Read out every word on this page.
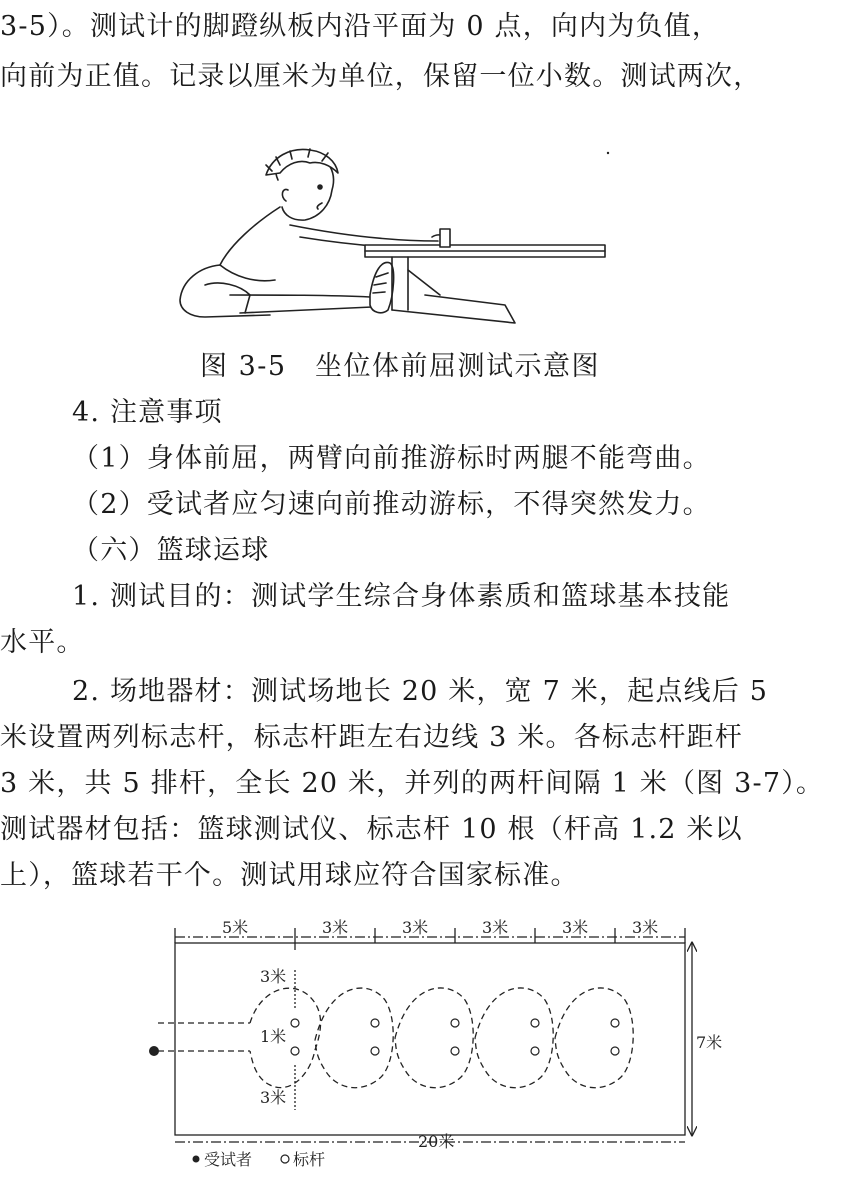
3-5）。测试计的脚蹬纵板内沿平面为 0 点，向内为负值，
向前为正值。记录以厘米为单位，保留一位小数。测试两次，
图 3-5　坐位体前屈测试示意图
4. 注意事项
（1）身体前屈，两臂向前推游标时两腿不能弯曲。
（2）受试者应匀速向前推动游标，不得突然发力。
（六）篮球运球
1. 测试目的：测试学生综合身体素质和篮球基本技能
水平。
2. 场地器材：测试场地长 20 米，宽 7 米，起点线后 5
米设置两列标志杆，标志杆距左右边线 3 米。各标志杆距杆
3 米，共 5 排杆，全长 20 米，并列的两杆间隔 1 米（图 3-7）。
测试器材包括：篮球测试仪、标志杆 10 根（杆高 1.2 米以
上），篮球若干个。测试用球应符合国家标准。
5米	3米	3米	3米	3米	3米
3米
1米
3米
7米
20米
受试者	标杆
